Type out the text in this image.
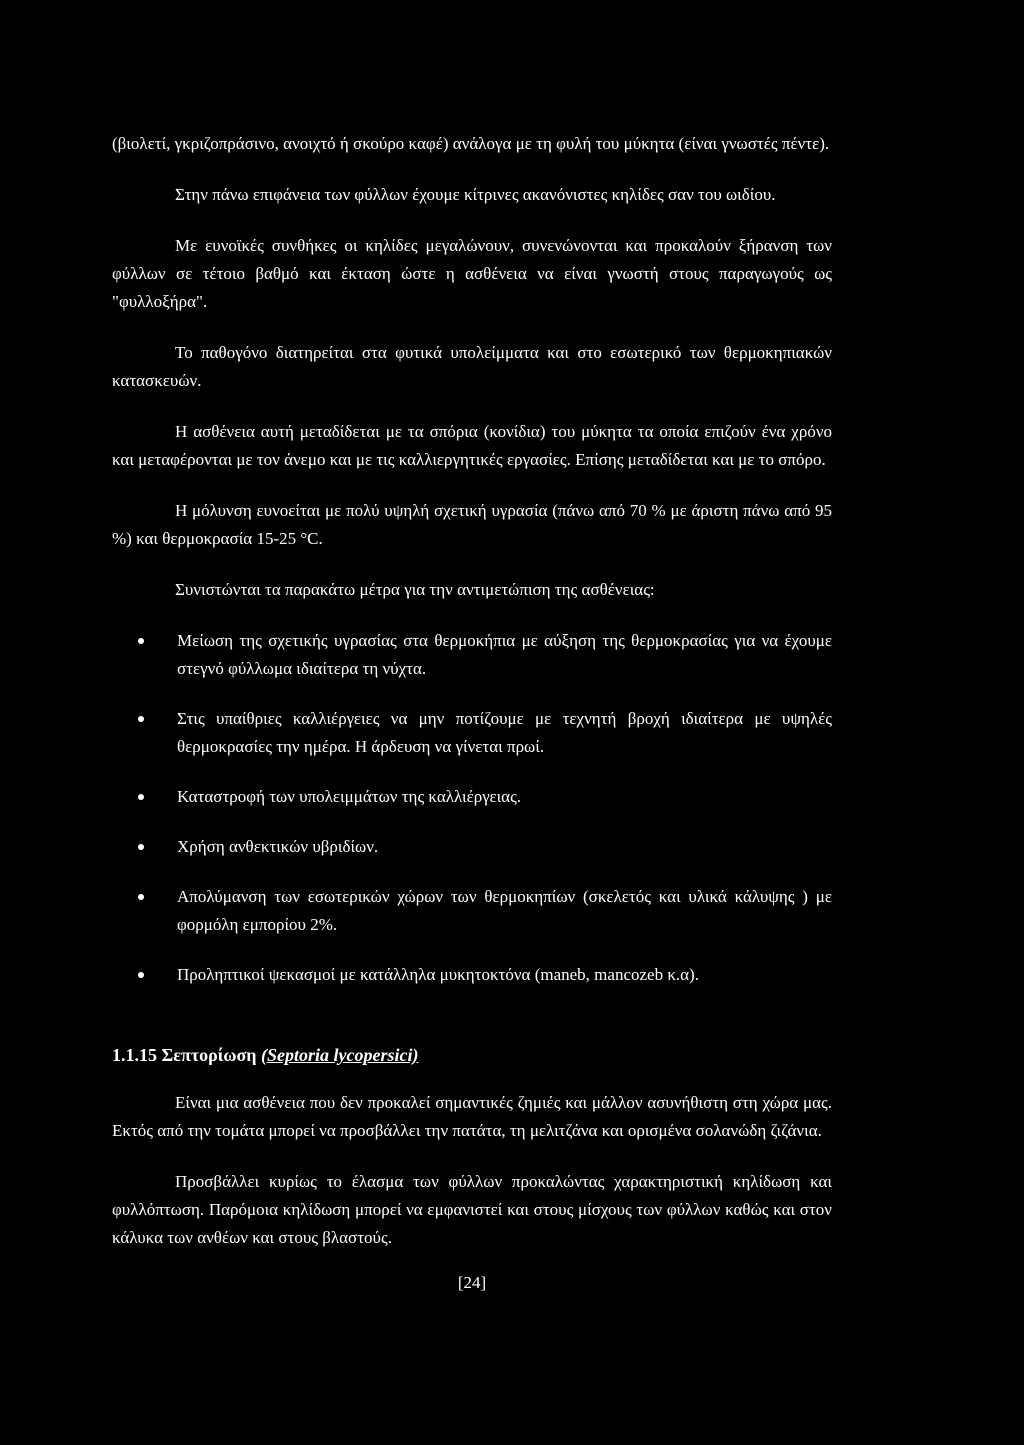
(βιολετί, γκριζοπράσινο, ανοιχτό ή σκούρο καφέ) ανάλογα με τη φυλή του μύκητα (είναι γνωστές πέντε).

Στην πάνω επιφάνεια των φύλλων έχουμε κίτρινες ακανόνιστες κηλίδες σαν του ωιδίου.

Με ευνοϊκές συνθήκες οι κηλίδες μεγαλώνουν, συνενώνονται και προκαλούν ξήρανση των φύλλων σε τέτοιο βαθμό και έκταση ώστε η ασθένεια να είναι γνωστή στους παραγωγούς ως "φυλλοξήρα".

Το παθογόνο διατηρείται στα φυτικά υπολείμματα και στο εσωτερικό των θερμοκηπιακών κατασκευών.

Η ασθένεια αυτή μεταδίδεται με τα σπόρια (κονίδια) του μύκητα τα οποία επιζούν ένα χρόνο και μεταφέρονται με τον άνεμο και με τις καλλιεργητικές εργασίες. Επίσης μεταδίδεται και με το σπόρο.

Η μόλυνση ευνοείται με πολύ υψηλή σχετική υγρασία (πάνω από 70 % με άριστη πάνω από 95 %) και θερμοκρασία 15-25 °C.

Συνιστώνται τα παρακάτω μέτρα για την αντιμετώπιση της ασθένειας:

Μείωση της σχετικής υγρασίας στα θερμοκήπια με αύξηση της θερμοκρασίας για να έχουμε στεγνό φύλλωμα ιδιαίτερα τη νύχτα.
Στις υπαίθριες καλλιέργειες να μην ποτίζουμε με τεχνητή βροχή ιδιαίτερα με υψηλές θερμοκρασίες την ημέρα. Η άρδευση να γίνεται πρωί.
Καταστροφή των υπολειμμάτων της καλλιέργειας.
Χρήση ανθεκτικών υβριδίων.
Απολύμανση των εσωτερικών χώρων των θερμοκηπίων (σκελετός και υλικά κάλυψης ) με φορμόλη εμπορίου 2%.
Προληπτικοί ψεκασμοί με κατάλληλα μυκητοκτόνα (maneb, mancozeb κ.α).
1.1.15 Σεπτορίωση (Septoria lycopersici)

Είναι μια ασθένεια που δεν προκαλεί σημαντικές ζημιές και μάλλον ασυνήθιστη στη χώρα μας. Εκτός από την τομάτα μπορεί να προσβάλλει την πατάτα, τη μελιτζάνα και ορισμένα σολανώδη ζιζάνια.

Προσβάλλει κυρίως το έλασμα των φύλλων προκαλώντας χαρακτηριστική κηλίδωση και φυλλόπτωση. Παρόμοια κηλίδωση μπορεί να εμφανιστεί και στους μίσχους των φύλλων καθώς και στον κάλυκα των ανθέων και στους βλαστούς.

[24]
